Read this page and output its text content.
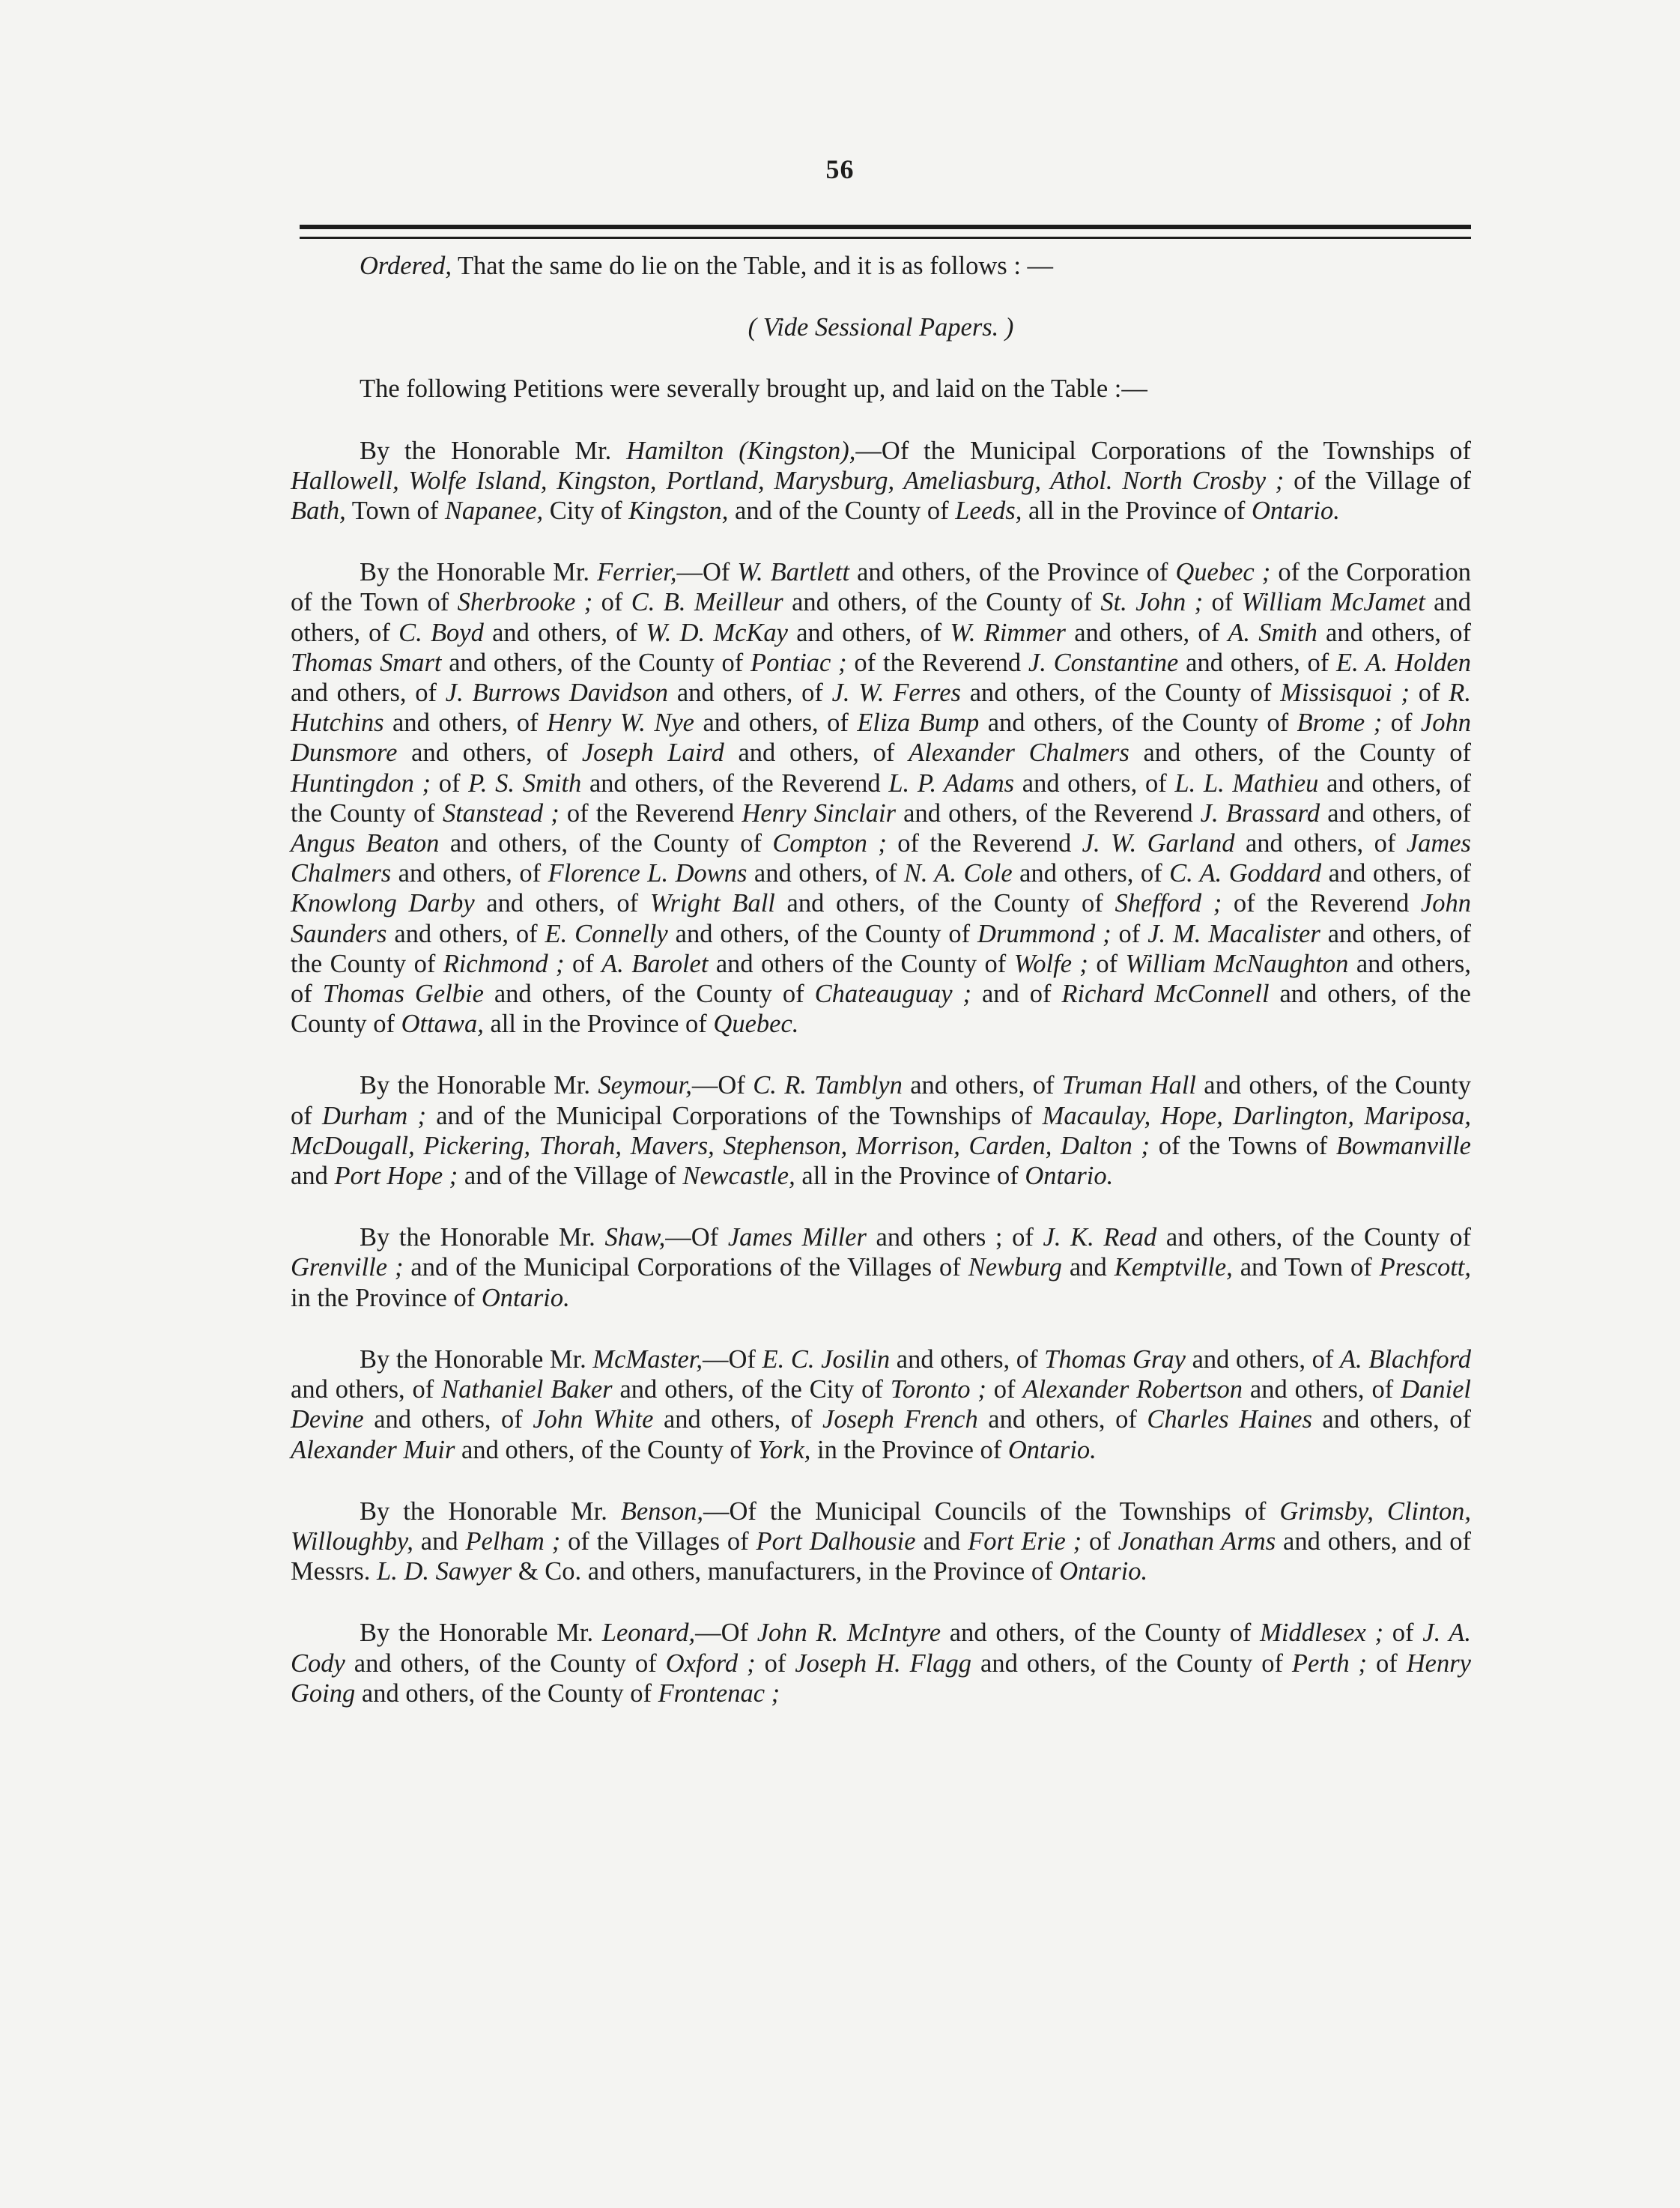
56

Ordered, That the same do lie on the Table, and it is as follows : —

( Vide Sessional Papers. )

The following Petitions were severally brought up, and laid on the Table :—

By the Honorable Mr. Hamilton (Kingston),—Of the Municipal Corporations of the Townships of Hallowell, Wolfe Island, Kingston, Portland, Marysburg, Ameliasburg, Athol. North Crosby ; of the Village of Bath, Town of Napanee, City of Kingston, and of the County of Leeds, all in the Province of Ontario.

By the Honorable Mr. Ferrier,—Of W. Bartlett and others, of the Province of Quebec ; of the Corporation of the Town of Sherbrooke ; of C. B. Meilleur and others, of the County of St. John ; of William McJamet and others, of C. Boyd and others, of W. D. McKay and others, of W. Rimmer and others, of A. Smith and others, of Thomas Smart and others, of the County of Pontiac ; of the Reverend J. Constantine and others, of E. A. Holden and others, of J. Burrows Davidson and others, of J. W. Ferres and others, of the County of Missisquoi ; of R. Hutchins and others, of Henry W. Nye and others, of Eliza Bump and others, of the County of Brome ; of John Dunsmore and others, of Joseph Laird and others, of Alexander Chalmers and others, of the County of Huntingdon ; of P. S. Smith and others, of the Reverend L. P. Adams and others, of L. L. Mathieu and others, of the County of Stanstead ; of the Reverend Henry Sinclair and others, of the Reverend J. Brassard and others, of Angus Beaton and others, of the County of Compton ; of the Reverend J. W. Garland and others, of James Chalmers and others, of Florence L. Downs and others, of N. A. Cole and others, of C. A. Goddard and others, of Knowlong Darby and others, of Wright Ball and others, of the County of Shefford ; of the Reverend John Saunders and others, of E. Connelly and others, of the County of Drummond ; of J. M. Macalister and others, of the County of Richmond ; of A. Barolet and others of the County of Wolfe ; of William McNaughton and others, of Thomas Gelbie and others, of the County of Chateauguay ; and of Richard McConnell and others, of the County of Ottawa, all in the Province of Quebec.

By the Honorable Mr. Seymour,—Of C. R. Tamblyn and others, of Truman Hall and others, of the County of Durham ; and of the Municipal Corporations of the Townships of Macaulay, Hope, Darlington, Mariposa, McDougall, Pickering, Thorah, Mavers, Stephenson, Morrison, Carden, Dalton ; of the Towns of Bowmanville and Port Hope ; and of the Village of Newcastle, all in the Province of Ontario.

By the Honorable Mr. Shaw,—Of James Miller and others ; of J. K. Read and others, of the County of Grenville ; and of the Municipal Corporations of the Villages of Newburg and Kemptville, and Town of Prescott, in the Province of Ontario.

By the Honorable Mr. McMaster,—Of E. C. Josilin and others, of Thomas Gray and others, of A. Blachford and others, of Nathaniel Baker and others, of the City of Toronto ; of Alexander Robertson and others, of Daniel Devine and others, of John White and others, of Joseph French and others, of Charles Haines and others, of Alexander Muir and others, of the County of York, in the Province of Ontario.

By the Honorable Mr. Benson,—Of the Municipal Councils of the Townships of Grimsby, Clinton, Willoughby, and Pelham ; of the Villages of Port Dalhousie and Fort Erie ; of Jonathan Arms and others, and of Messrs. L. D. Sawyer & Co. and others, manufacturers, in the Province of Ontario.

By the Honorable Mr. Leonard,—Of John R. McIntyre and others, of the County of Middlesex ; of J. A. Cody and others, of the County of Oxford ; of Joseph H. Flagg and others, of the County of Perth ; of Henry Going and others, of the County of Frontenac ;
